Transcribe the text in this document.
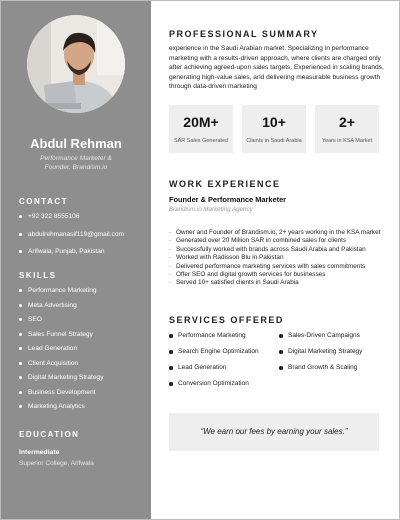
Abdul Rehman
Performance Marketer &
Founder, Brandism.io
CONTACT
+92 322 8555106
abdulrehmanasif119@gmail.com
Arifwala, Punjab, Pakistan
SKILLS
Performance Marketing
Meta Advertising
SEO
Sales Funnel Strategy
Lead Generation
Client Acquisition
Digital Marketing Strategy
Business Development
Marketing Analytics
EDUCATION
Intermediate
Superior College, Arifwala
PROFESSIONAL SUMMARY
experience in the Saudi Arabian market. Specializing in performance marketing with a results-driven approach, where clients are charged only after achieving agreed-upon sales targets. Experienced in scaling brands, generating high-value sales, and delivering measurable business growth through data-driven marketing
20M+
SAR Sales Generated
10+
Clients in Saudi Arabia
2+
Years in KSA Market
WORK EXPERIENCE
Founder & Performance Marketer
Brandism.io Marketing Agency
- Owner and Founder of Brandism.io, 2+ years working in the KSA market
- Generated over 20 Million SAR in combined sales for clients
- Successfully worked with brands across Saudi Arabia and Pakistan
- Worked with Radisson Blu in Pakistan
- Delivered performance marketing services with sales commitments
- Offer SEO and digital growth services for businesses
- Served 10+ satisfied clients in Saudi Arabia
SERVICES OFFERED
Performance Marketing
Search Engine Optimization
Lead Generation
Conversion Optimization
Sales-Driven Campaigns
Digital Marketing Strategy
Brand Growth & Scaling
“We earn our fees by earning your sales.”
